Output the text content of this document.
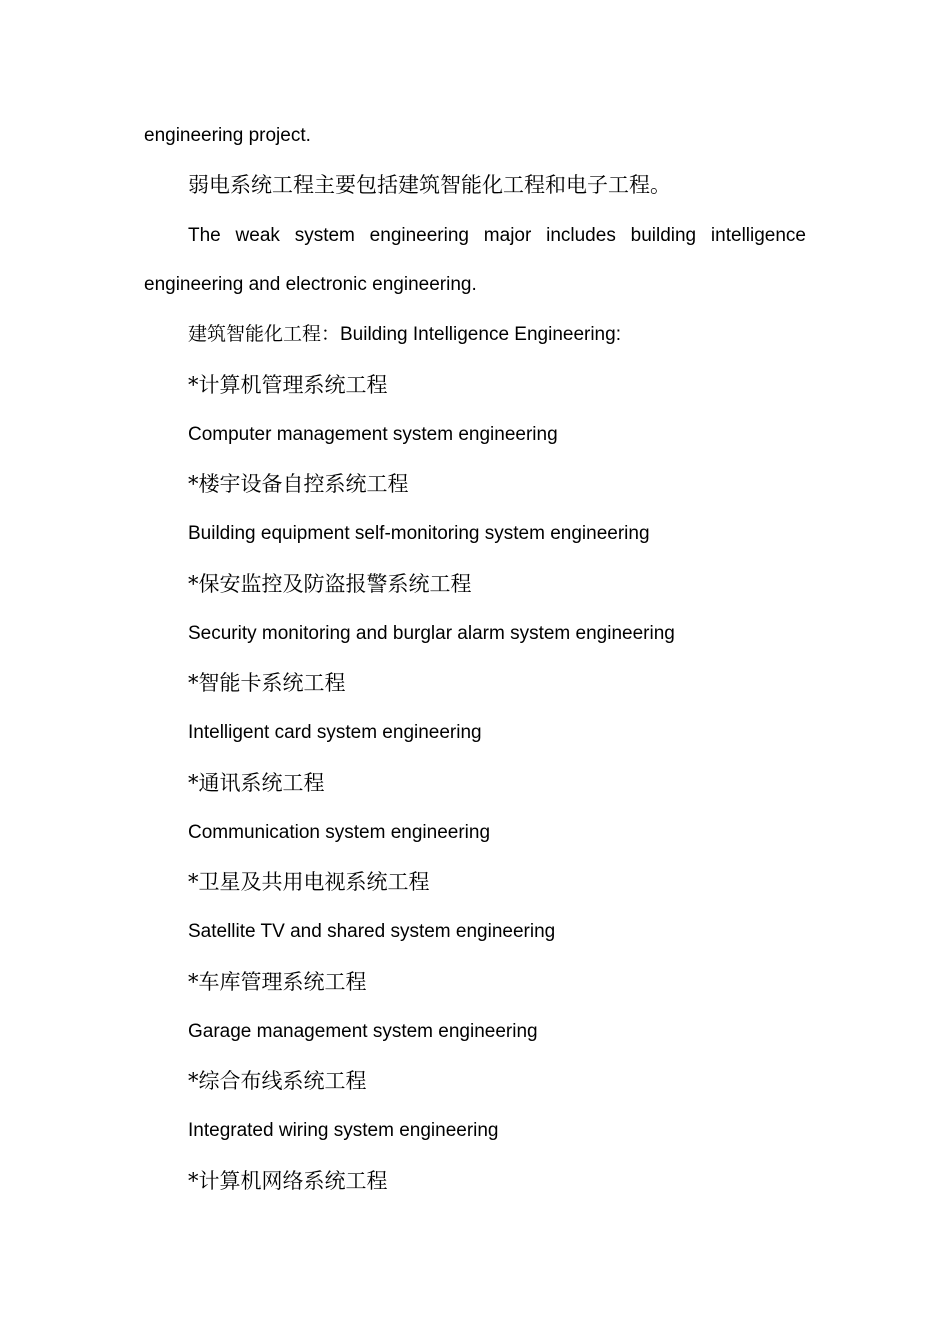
engineering project.
弱电系统工程主要包括建筑智能化工程和电子工程。
The weak system engineering major includes building intelligence
engineering and electronic engineering.
建筑智能化工程：Building Intelligence Engineering:
*计算机管理系统工程
Computer management system engineering
*楼宇设备自控系统工程
Building equipment self-monitoring system engineering
*保安监控及防盗报警系统工程
Security monitoring and burglar alarm system engineering
*智能卡系统工程
Intelligent card system engineering
*通讯系统工程
Communication system engineering
*卫星及共用电视系统工程
Satellite TV and shared system engineering
*车库管理系统工程
Garage management system engineering
*综合布线系统工程
Integrated wiring system engineering
*计算机网络系统工程
